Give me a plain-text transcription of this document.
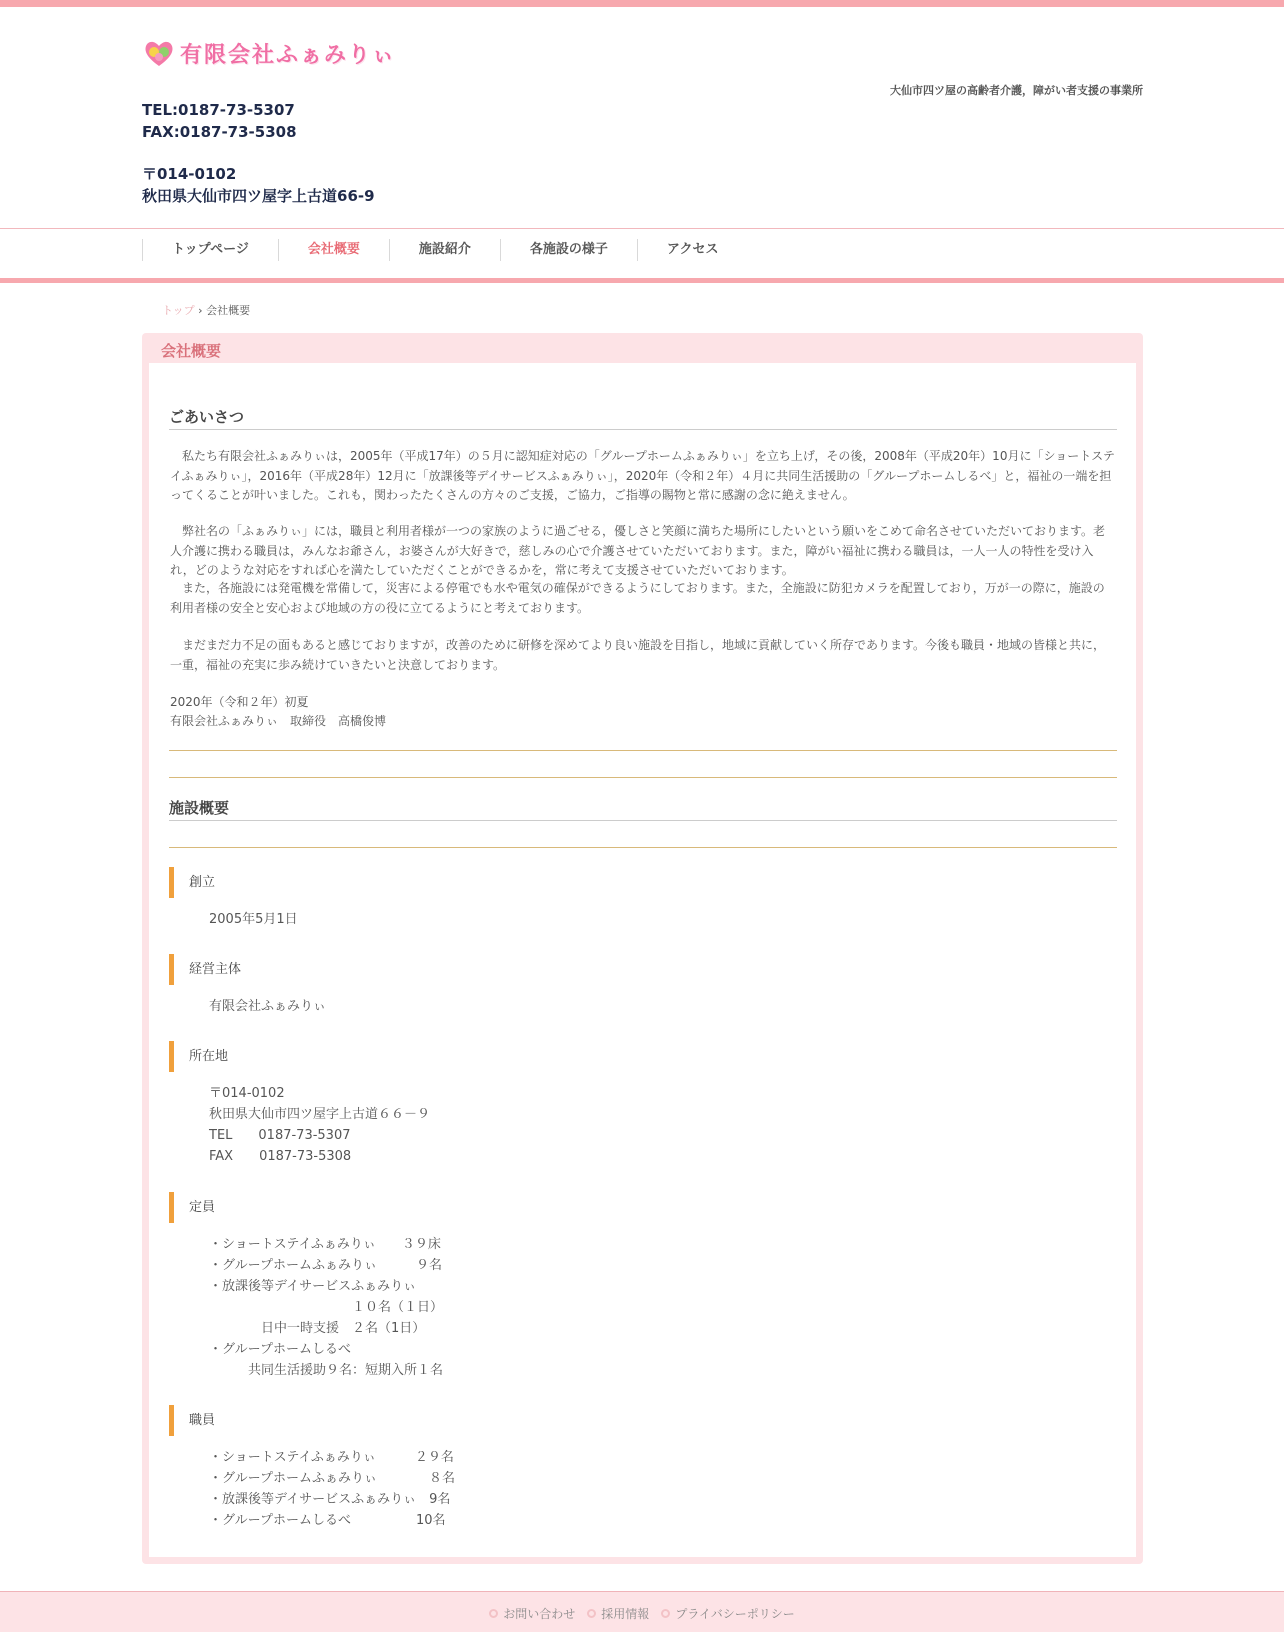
有限会社ふぁみりぃ
大仙市四ツ屋の高齢者介護，障がい者支援の事業所
TEL:0187-73-5307
FAX:0187-73-5308
〒014-0102
秋田県大仙市四ツ屋字上古道66-9
トップページ	会社概要	施設紹介	各施設の様子	アクセス
トップ › 会社概要
会社概要
ごあいさつ

　私たち有限会社ふぁみりぃは，2005年（平成17年）の５月に認知症対応の「グループホームふぁみりぃ」を立ち上げ，その後，2008年（平成20年）10月に「ショートステイふぁみりぃ」，2016年（平成28年）12月に「放課後等デイサービスふぁみりぃ」，2020年（令和２年）４月に共同生活援助の「グループホームしるべ」と，福祉の一端を担ってくることが叶いました。これも，関わったたくさんの方々のご支援，ご協力，ご指導の賜物と常に感謝の念に絶えません。

　弊社名の「ふぁみりぃ」には，職員と利用者様が一つの家族のように過ごせる，優しさと笑顔に満ちた場所にしたいという願いをこめて命名させていただいております。老人介護に携わる職員は，みんなお爺さん，お婆さんが大好きで，慈しみの心で介護させていただいております。また，障がい福祉に携わる職員は，一人一人の特性を受け入れ，どのような対応をすれば心を満たしていただくことができるかを，常に考えて支援させていただいております。

　また，各施設には発電機を常備して，災害による停電でも水や電気の確保ができるようにしております。また，全施設に防犯カメラを配置しており，万が一の際に，施設の利用者様の安全と安心および地域の方の役に立てるようにと考えております。

　まだまだ力不足の面もあると感じておりますが，改善のために研修を深めてより良い施設を目指し，地域に貢献していく所存であります。今後も職員・地域の皆様と共に，一重，福祉の充実に歩み続けていきたいと決意しております。

2020年（令和２年）初夏

有限会社ふぁみりぃ　取締役　高橋俊博

施設概要
創立
2005年5月1日
経営主体
有限会社ふぁみりぃ
所在地
〒014-0102
秋田県大仙市四ツ屋字上古道６６－９
TEL　　0187-73-5307
FAX　　0187-73-5308
定員
・ショートステイふぁみりぃ　　３９床
・グループホームふぁみりぃ　　　９名
・放課後等デイサービスふぁみりぃ
　　　　　　　　　　　１０名（１日）
　　　　日中一時支援　２名（1日）
・グループホームしるべ
　　　共同生活援助９名：短期入所１名
職員
・ショートステイふぁみりぃ　　　２９名
・グループホームふぁみりぃ　　　　８名
・放課後等デイサービスふぁみりぃ　9名
・グループホームしるべ　　　　　10名
お問い合わせ 採用情報 プライバシーポリシー
